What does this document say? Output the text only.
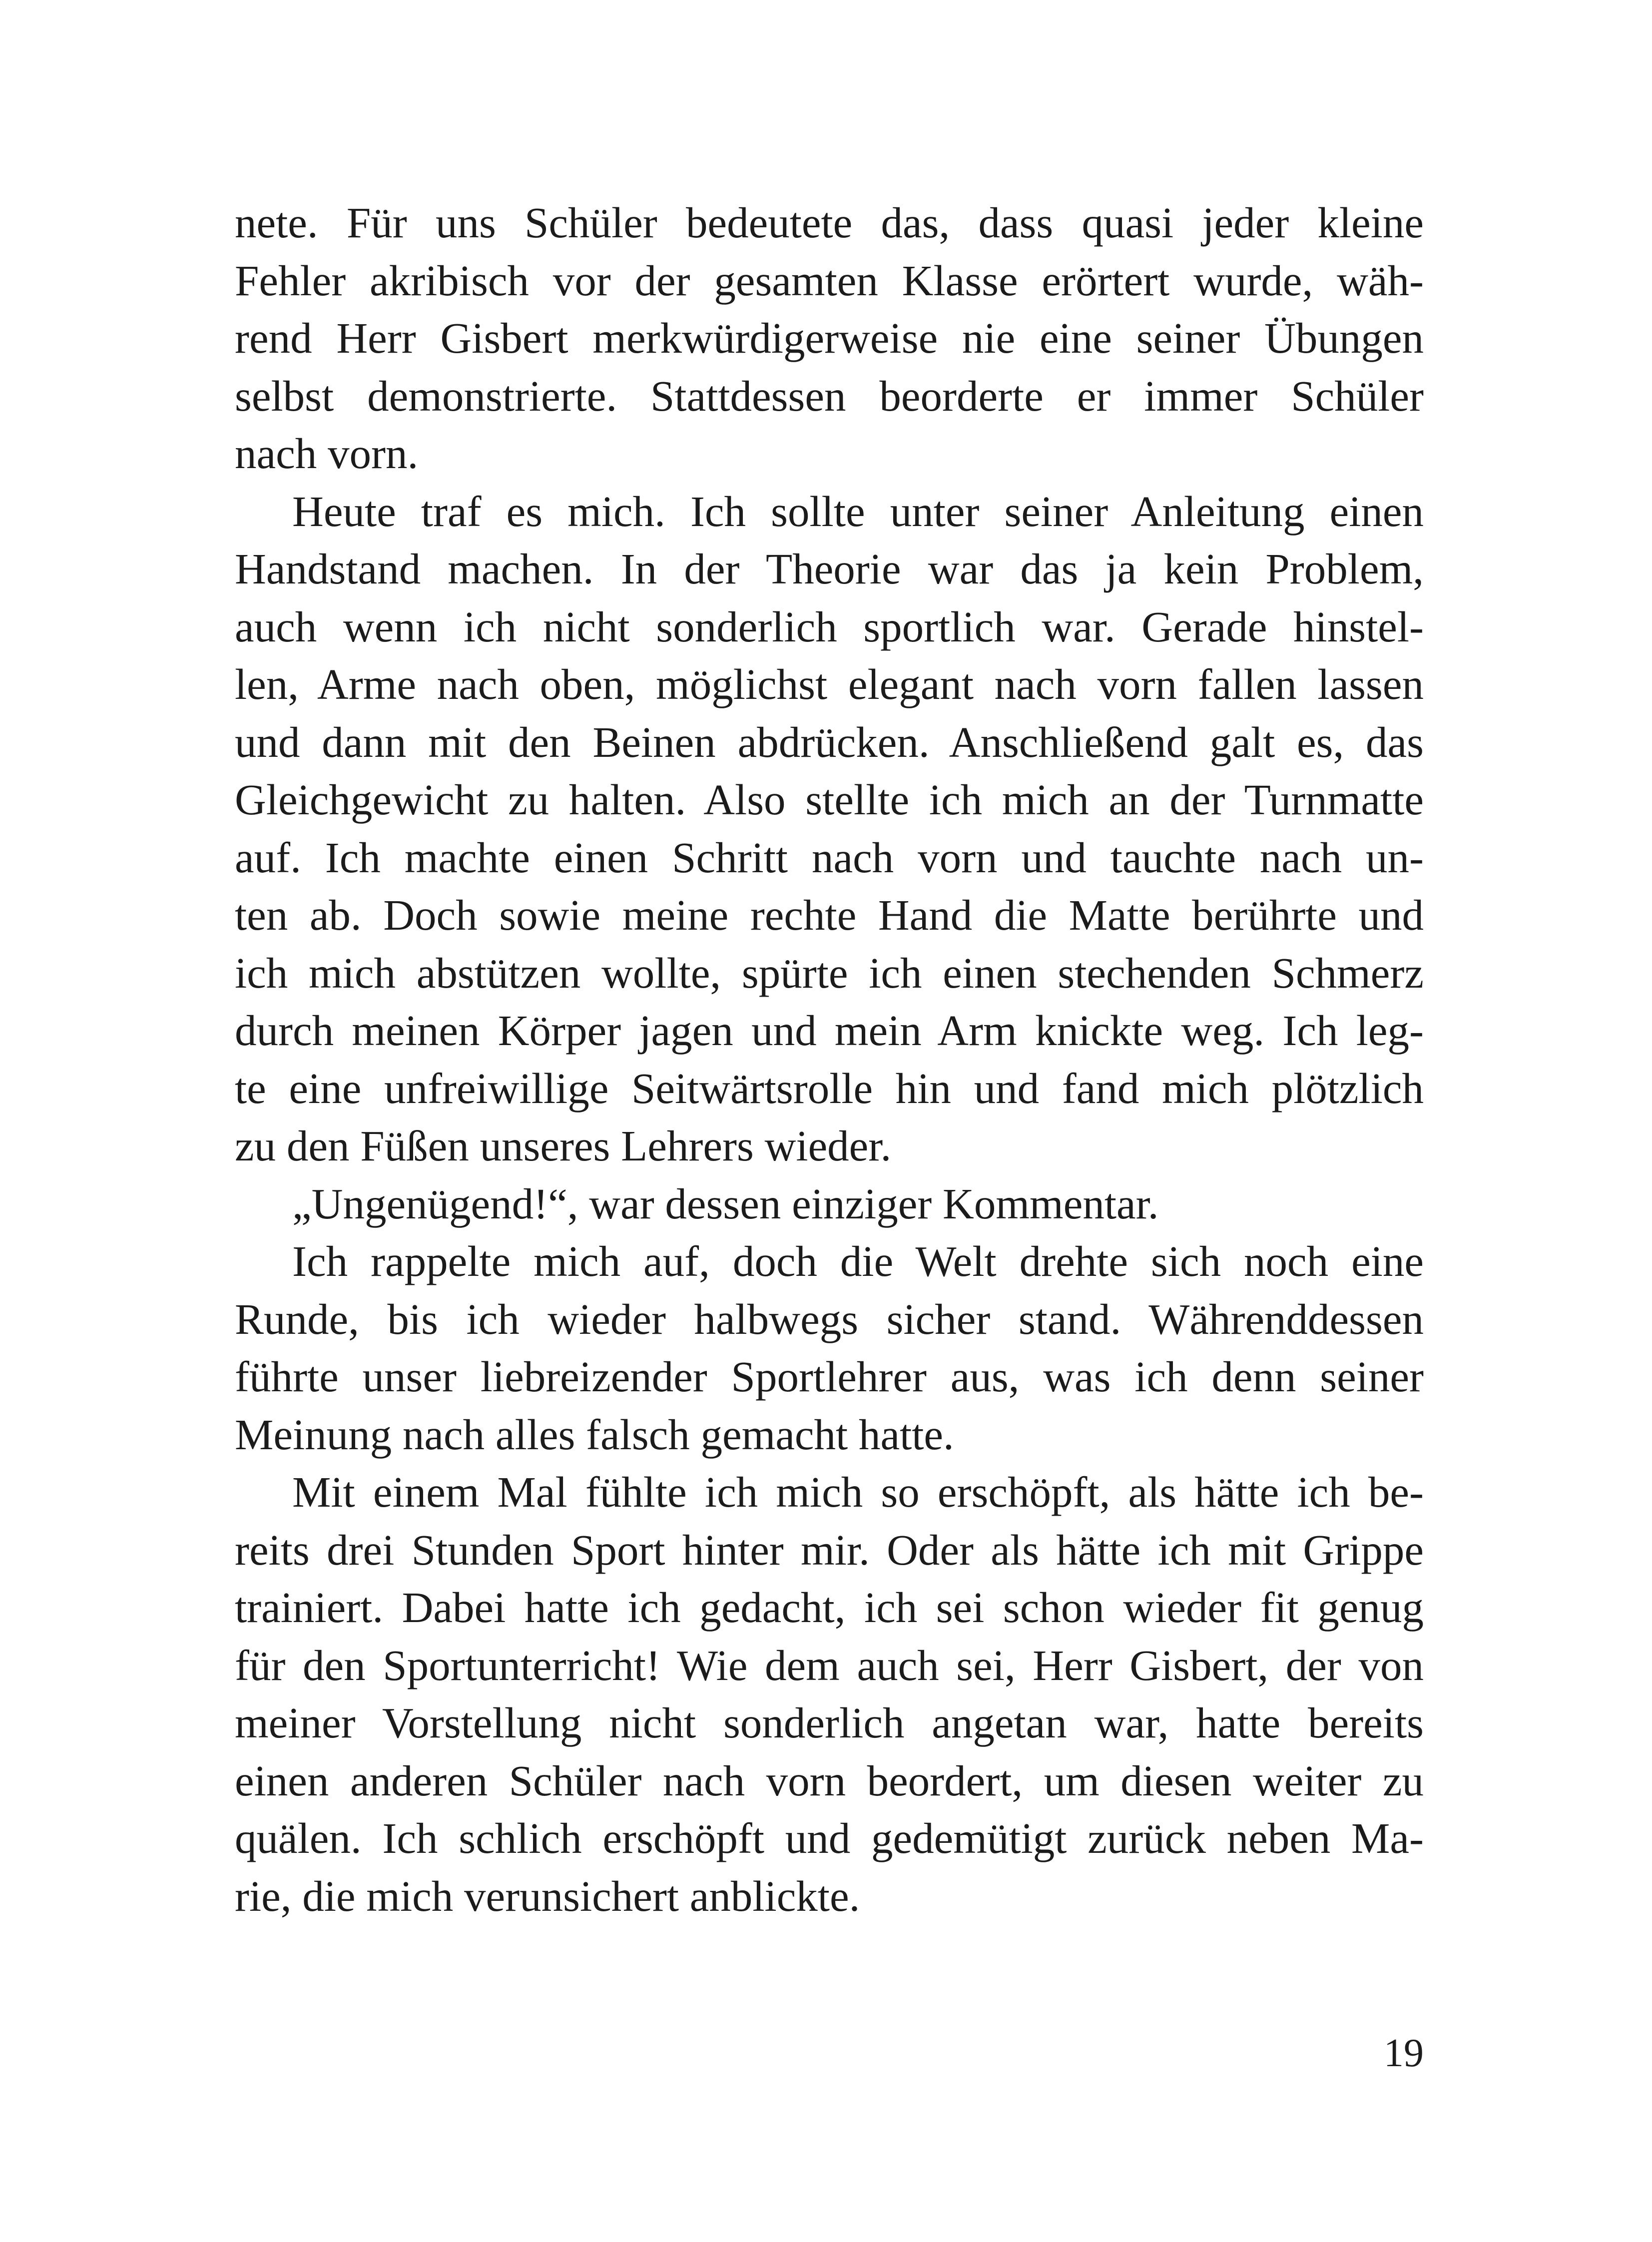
nete. Für uns Schüler bedeutete das, dass quasi jeder kleine
Fehler akribisch vor der gesamten Klasse erörtert wurde, wäh-
rend Herr Gisbert merkwürdigerweise nie eine seiner Übungen
selbst demonstrierte. Stattdessen beorderte er immer Schüler
nach vorn.

Heute traf es mich. Ich sollte unter seiner Anleitung einen
Handstand machen. In der Theorie war das ja kein Problem,
auch wenn ich nicht sonderlich sportlich war. Gerade hinstel-
len, Arme nach oben, möglichst elegant nach vorn fallen lassen
und dann mit den Beinen abdrücken. Anschließend galt es, das
Gleichgewicht zu halten. Also stellte ich mich an der Turnmatte
auf. Ich machte einen Schritt nach vorn und tauchte nach un-
ten ab. Doch sowie meine rechte Hand die Matte berührte und
ich mich abstützen wollte, spürte ich einen stechenden Schmerz
durch meinen Körper jagen und mein Arm knickte weg. Ich leg-
te eine unfreiwillige Seitwärtsrolle hin und fand mich plötzlich
zu den Füßen unseres Lehrers wieder.

„Ungenügend!“, war dessen einziger Kommentar.

Ich rappelte mich auf, doch die Welt drehte sich noch eine
Runde, bis ich wieder halbwegs sicher stand. Währenddessen
führte unser liebreizender Sportlehrer aus, was ich denn seiner
Meinung nach alles falsch gemacht hatte.

Mit einem Mal fühlte ich mich so erschöpft, als hätte ich be-
reits drei Stunden Sport hinter mir. Oder als hätte ich mit Grippe
trainiert. Dabei hatte ich gedacht, ich sei schon wieder fit genug
für den Sportunterricht! Wie dem auch sei, Herr Gisbert, der von
meiner Vorstellung nicht sonderlich angetan war, hatte bereits
einen anderen Schüler nach vorn beordert, um diesen weiter zu
quälen. Ich schlich erschöpft und gedemütigt zurück neben Ma-
rie, die mich verunsichert anblickte.

19
